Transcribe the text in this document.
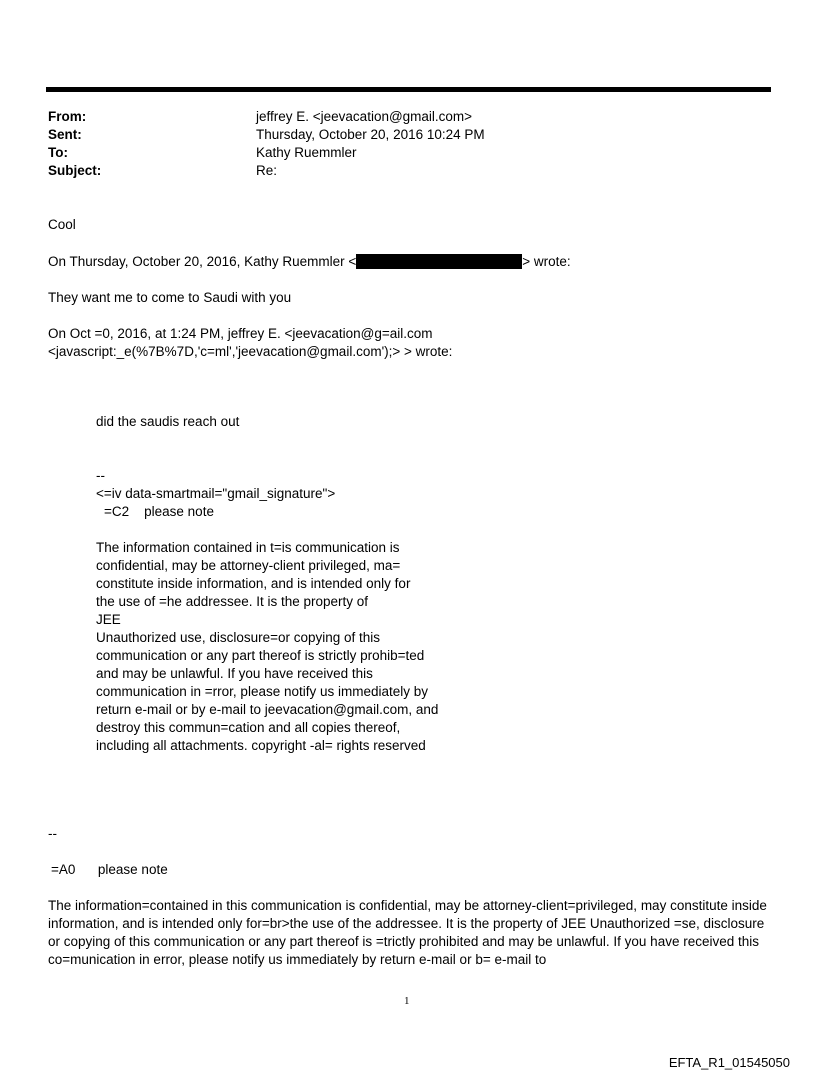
From:	jeffrey E. <jeevacation@gmail.com>
Sent:	Thursday, October 20, 2016 10:24 PM
To:	Kathy Ruemmler
Subject:	Re:
Cool
On Thursday, October 20, 2016, Kathy Ruemmler <	> wrote:
They want me to come to Saudi with you
On Oct =0, 2016, at 1:24 PM, jeffrey E. <jeevacation@g=ail.com
<javascript:_e(%7B%7D,'c=ml','jeevacation@gmail.com');> > wrote:
did the saudis reach out
--
<=iv data-smartmail="gmail_signature">
=C2    please note
The information contained in t=is communication is
confidential, may be attorney-client privileged, ma=
constitute inside information, and is intended only for
the use of =he addressee. It is the property of
JEE
Unauthorized use, disclosure=or copying of this
communication or any part thereof is strictly prohib=ted
and may be unlawful. If you have received this
communication in =rror, please notify us immediately by
return e-mail or by e-mail to jeevacation@gmail.com, and
destroy this commun=cation and all copies thereof,
including all attachments. copyright -al= rights reserved
--
=A0      please note
The information=contained in this communication is confidential, may be attorney-client=privileged, may constitute inside information, and is intended only for=br>the use of the addressee. It is the property of JEE Unauthorized =se, disclosure or copying of this communication or any part thereof is =trictly prohibited and may be unlawful. If you have received this co=munication in error, please notify us immediately by return e-mail or b= e-mail to
1
EFTA_R1_01545050
